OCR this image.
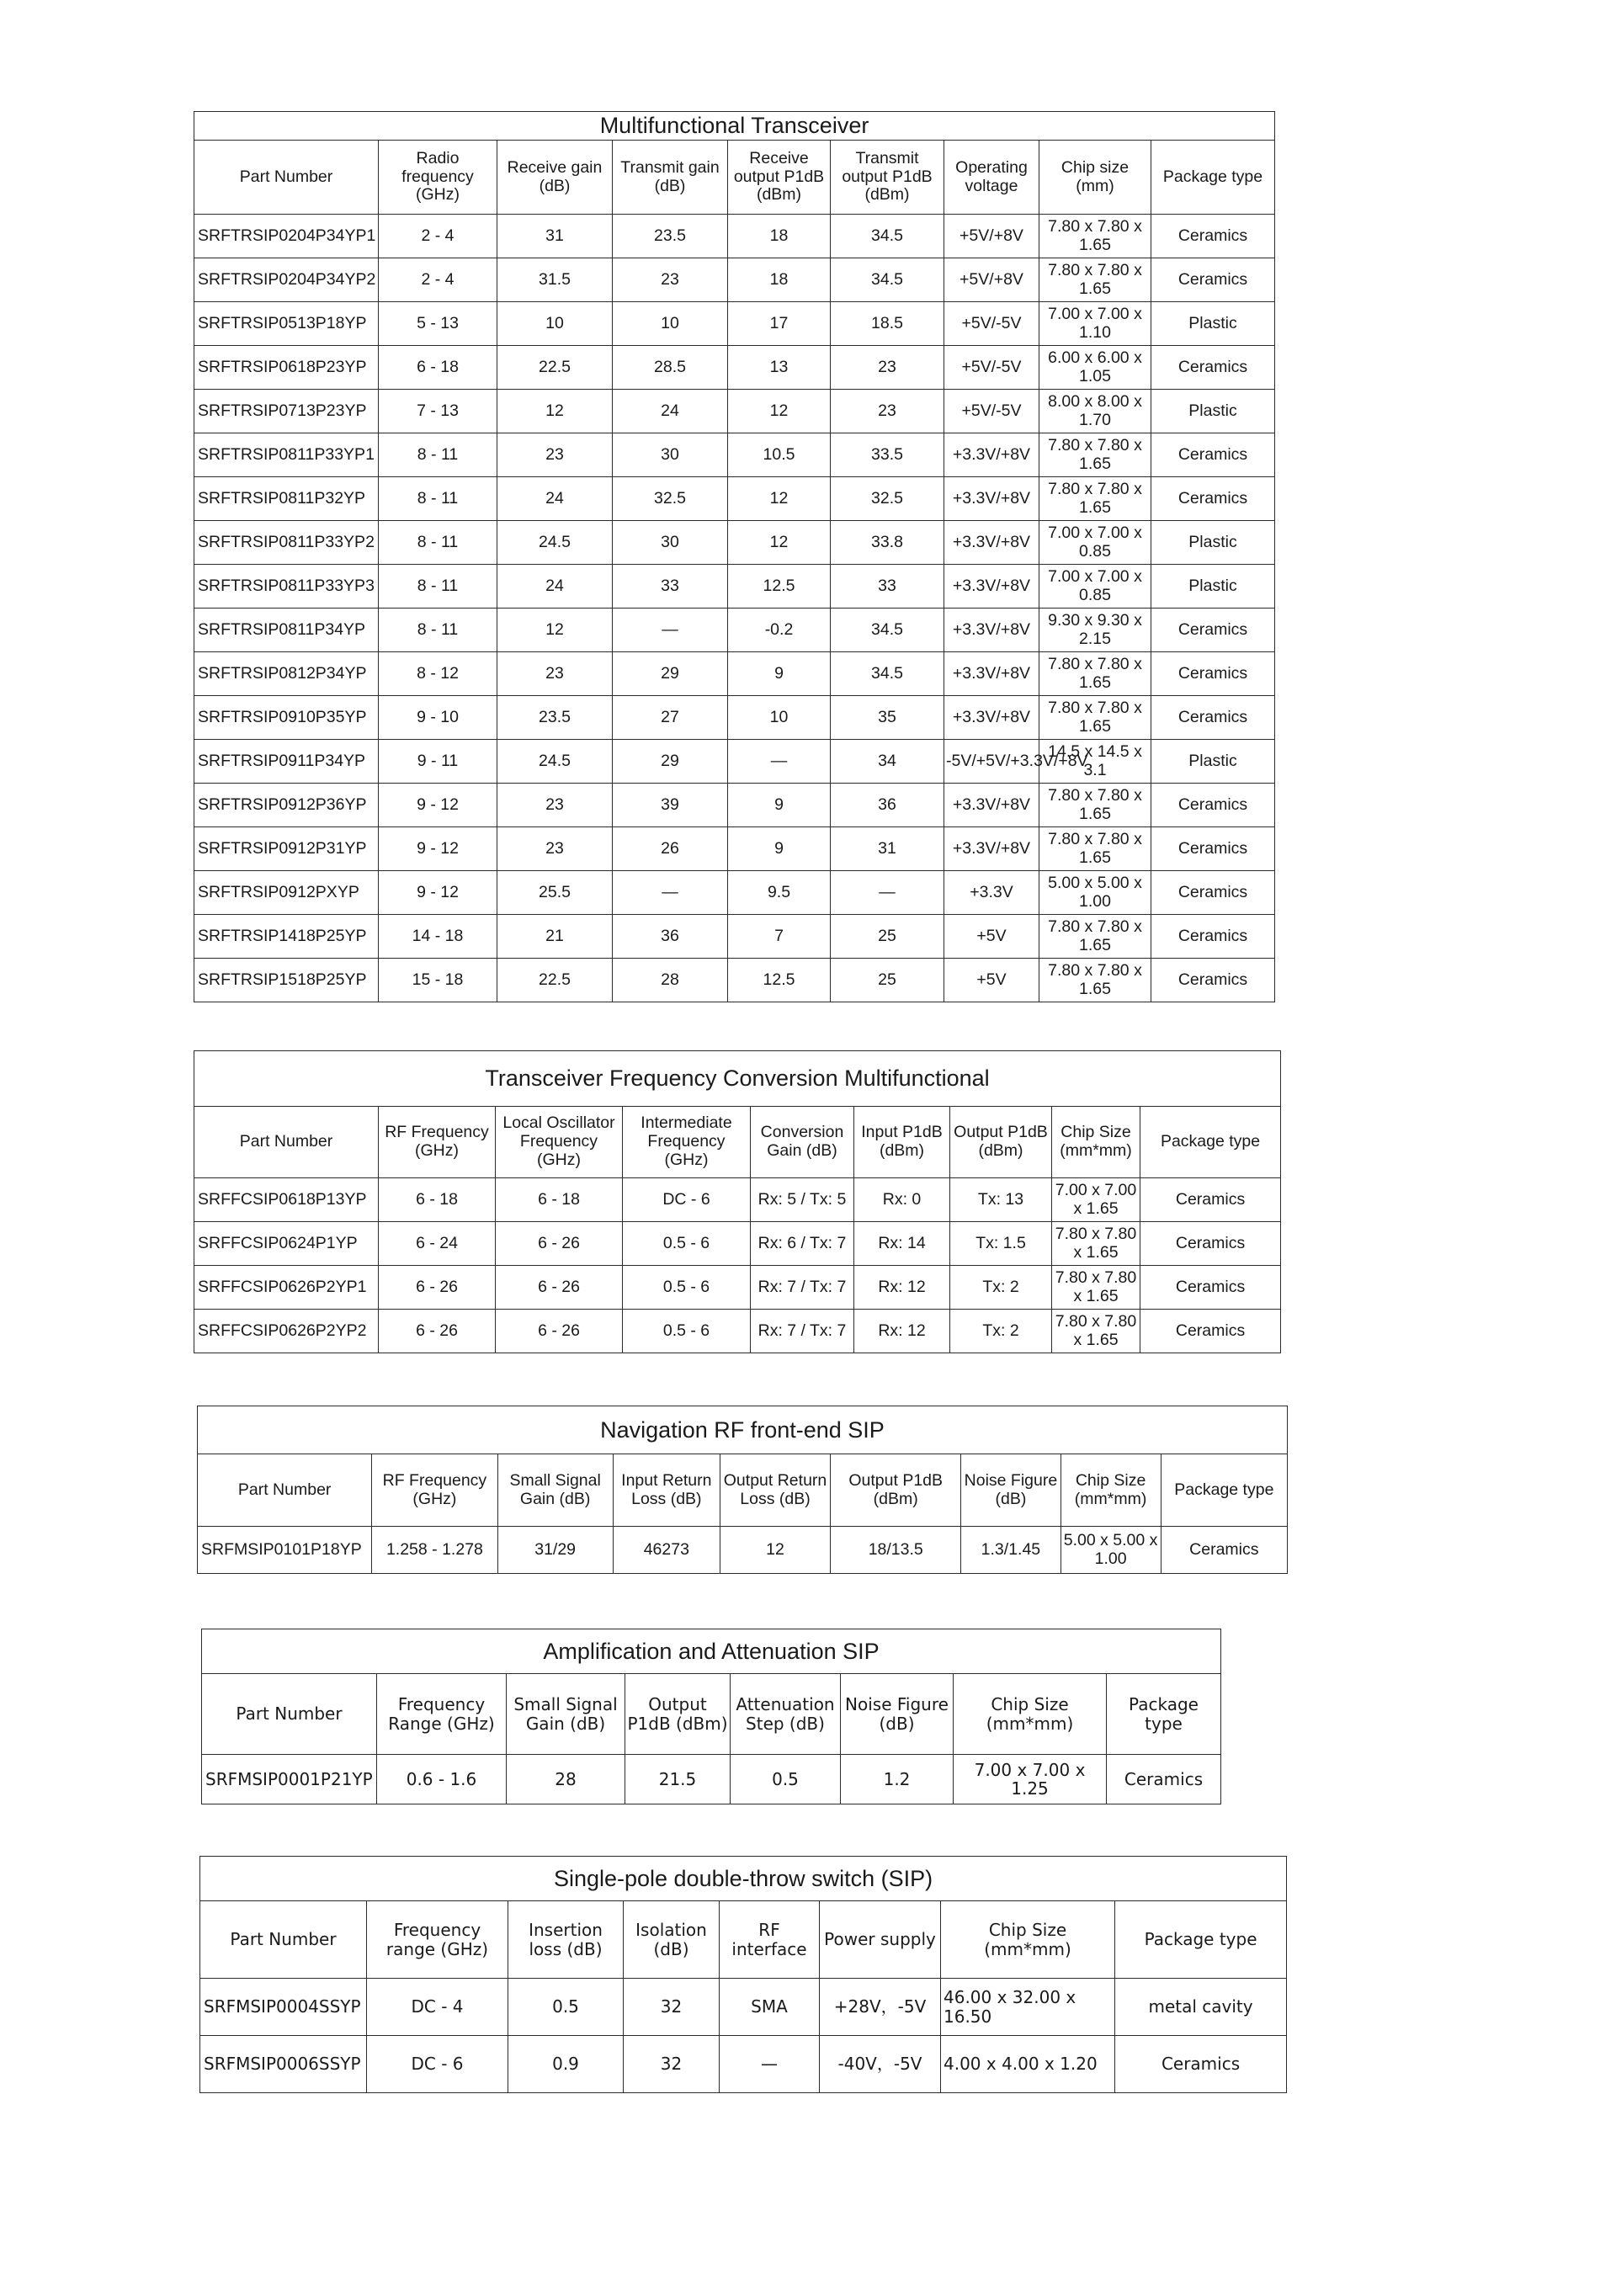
Multifunctional Transceiver								
Part Number	Radio frequency (GHz)	Receive gain (dB)	Transmit gain (dB)	Receive output P1dB (dBm)	Transmit output P1dB (dBm)	Operating voltage	Chip size (mm)	Package type
SRFTRSIP0204P34YP1	2 - 4	31	23.5	18	34.5	+5V/+8V	7.80 x 7.80 x 1.65	Ceramics
SRFTRSIP0204P34YP2	2 - 4	31.5	23	18	34.5	+5V/+8V	7.80 x 7.80 x 1.65	Ceramics
SRFTRSIP0513P18YP	5 - 13	10	10	17	18.5	+5V/-5V	7.00 x 7.00 x 1.10	Plastic
SRFTRSIP0618P23YP	6 - 18	22.5	28.5	13	23	+5V/-5V	6.00 x 6.00 x 1.05	Ceramics
SRFTRSIP0713P23YP	7 - 13	12	24	12	23	+5V/-5V	8.00 x 8.00 x 1.70	Plastic
SRFTRSIP0811P33YP1	8 - 11	23	30	10.5	33.5	+3.3V/+8V	7.80 x 7.80 x 1.65	Ceramics
SRFTRSIP0811P32YP	8 - 11	24	32.5	12	32.5	+3.3V/+8V	7.80 x 7.80 x 1.65	Ceramics
SRFTRSIP0811P33YP2	8 - 11	24.5	30	12	33.8	+3.3V/+8V	7.00 x 7.00 x 0.85	Plastic
SRFTRSIP0811P33YP3	8 - 11	24	33	12.5	33	+3.3V/+8V	7.00 x 7.00 x 0.85	Plastic
SRFTRSIP0811P34YP	8 - 11	12	—	-0.2	34.5	+3.3V/+8V	9.30 x 9.30 x 2.15	Ceramics
SRFTRSIP0812P34YP	8 - 12	23	29	9	34.5	+3.3V/+8V	7.80 x 7.80 x 1.65	Ceramics
SRFTRSIP0910P35YP	9 - 10	23.5	27	10	35	+3.3V/+8V	7.80 x 7.80 x 1.65	Ceramics
SRFTRSIP0911P34YP	9 - 11	24.5	29	—	34	-5V/+5V/+3.3V/+8V	14.5 x 14.5 x 3.1	Plastic
SRFTRSIP0912P36YP	9 - 12	23	39	9	36	+3.3V/+8V	7.80 x 7.80 x 1.65	Ceramics
SRFTRSIP0912P31YP	9 - 12	23	26	9	31	+3.3V/+8V	7.80 x 7.80 x 1.65	Ceramics
SRFTRSIP0912PXYP	9 - 12	25.5	—	9.5	—	+3.3V	5.00 x 5.00 x 1.00	Ceramics
SRFTRSIP1418P25YP	14 - 18	21	36	7	25	+5V	7.80 x 7.80 x 1.65	Ceramics
SRFTRSIP1518P25YP	15 - 18	22.5	28	12.5	25	+5V	7.80 x 7.80 x 1.65	Ceramics
Transceiver Frequency Conversion Multifunctional								
Part Number	RF Frequency (GHz)	Local Oscillator Frequency (GHz)	Intermediate Frequency (GHz)	Conversion Gain (dB)	Input P1dB (dBm)	Output P1dB (dBm)	Chip Size (mm*mm)	Package type
SRFFCSIP0618P13YP	6 - 18	6 - 18	DC - 6	Rx: 5 / Tx: 5	Rx: 0	Tx: 13	7.00 x 7.00 x 1.65	Ceramics
SRFFCSIP0624P1YP	6 - 24	6 - 26	0.5 - 6	Rx: 6 / Tx: 7	Rx: 14	Tx: 1.5	7.80 x 7.80 x 1.65	Ceramics
SRFFCSIP0626P2YP1	6 - 26	6 - 26	0.5 - 6	Rx: 7 / Tx: 7	Rx: 12	Tx: 2	7.80 x 7.80 x 1.65	Ceramics
SRFFCSIP0626P2YP2	6 - 26	6 - 26	0.5 - 6	Rx: 7 / Tx: 7	Rx: 12	Tx: 2	7.80 x 7.80 x 1.65	Ceramics
Navigation RF front-end SIP								
Part Number	RF Frequency (GHz)	Small Signal Gain (dB)	Input Return Loss (dB)	Output Return Loss (dB)	Output P1dB (dBm)	Noise Figure (dB)	Chip Size (mm*mm)	Package type
SRFMSIP0101P18YP	1.258 - 1.278	31/29	46273	12	18/13.5	1.3/1.45	5.00 x 5.00 x 1.00	Ceramics
Amplification and Attenuation SIP							
Part Number	Frequency Range (GHz)	Small Signal Gain (dB)	Output P1dB (dBm)	Attenuation Step (dB)	Noise Figure (dB)	Chip Size (mm*mm)	Package type
SRFMSIP0001P21YP	0.6 - 1.6	28	21.5	0.5	1.2	7.00 x 7.00 x 1.25	Ceramics
Single-pole double-throw switch (SIP)							
Part Number	Frequency range (GHz)	Insertion loss (dB)	Isolation (dB)	RF interface	Power supply	Chip Size (mm*mm)	Package type
SRFMSIP0004SSYP	DC - 4	0.5	32	SMA	+28V，-5V	46.00 x 32.00 x 16.50	metal cavity
SRFMSIP0006SSYP	DC - 6	0.9	32	—	-40V，-5V	4.00 x 4.00 x 1.20	Ceramics
